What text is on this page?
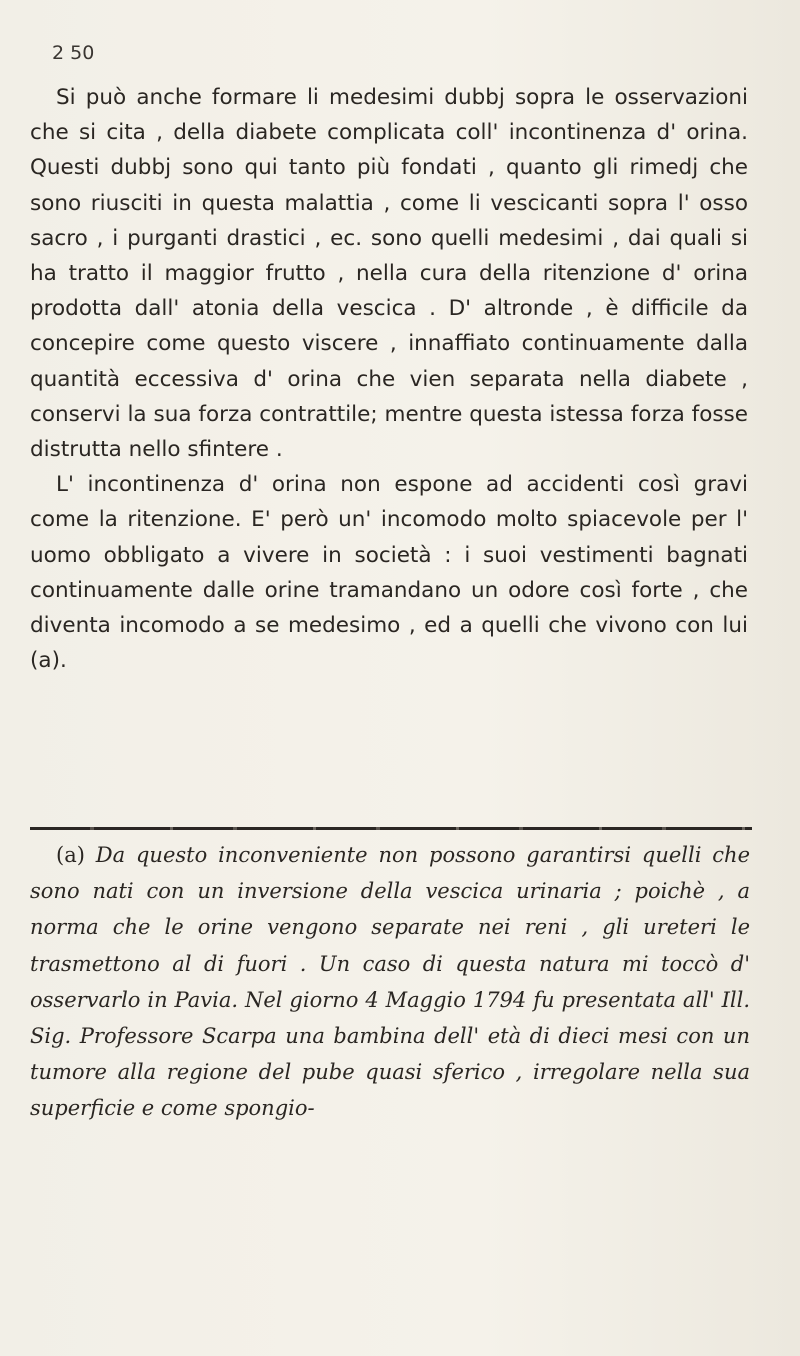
2 50

Si può anche formare li medesimi dubbj sopra le osservazioni che si cita , della diabete complicata coll' incontinenza d' orina. Questi dubbj sono qui tanto più fondati , quanto gli rimedj che sono riusciti in questa malattia , come li vescicanti sopra l' osso sacro , i purganti drastici , ec. sono quelli medesimi , dai quali si ha tratto il maggior frutto , nella cura della ritenzione d' orina prodotta dall' atonia della vescica . D' altronde , è difficile da concepire come questo viscere , innaffiato continuamente dalla quantità eccessiva d' orina che vien separata nella diabete , conservi la sua forza contrattile; mentre questa istessa forza fosse distrutta nello sfintere .

L' incontinenza d' orina non espone ad accidenti così gravi come la ritenzione. E' però un' incomodo molto spiacevole per l' uomo obbligato a vivere in società : i suoi vestimenti bagnati continuamente dalle orine tramandano un odore così forte , che diventa incomodo a se medesimo , ed a quelli che vivono con lui (a).

(a) Da questo inconveniente non possono garantirsi quelli che sono nati con un inversione della vescica urinaria ; poichè , a norma che le orine vengono separate nei reni , gli ureteri le trasmettono al di fuori . Un caso di questa natura mi toccò d' osservarlo in Pavia. Nel giorno 4 Maggio 1794 fu presentata all' Ill. Sig. Professore Scarpa una bambina dell' età di dieci mesi con un tumore alla regione del pube quasi sferico , irregolare nella sua superficie e come spongio-
